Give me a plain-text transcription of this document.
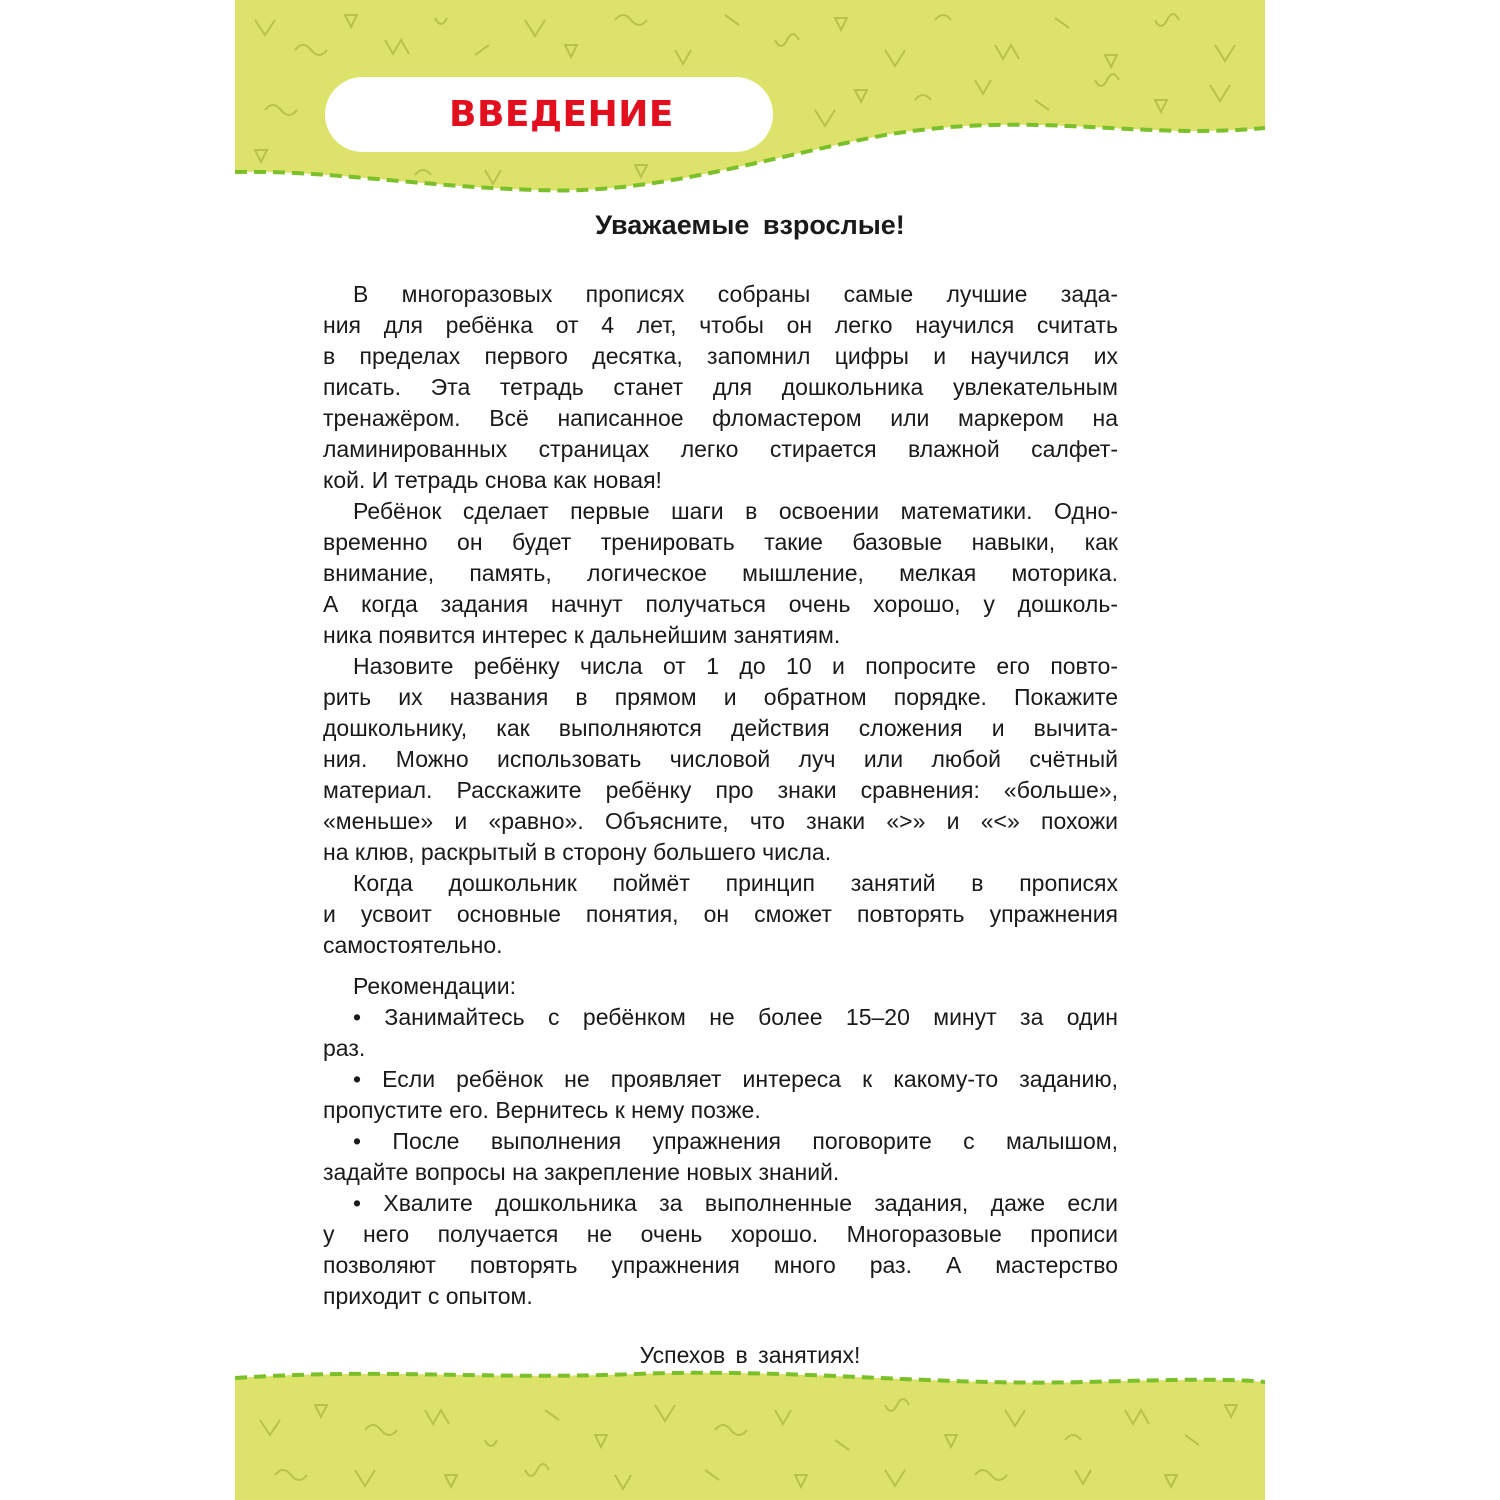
ВВЕДЕНИЕ
Уважаемые взрослые!
В многоразовых прописях собраны самые лучшие зада-
ния для ребёнка от 4 лет, чтобы он легко научился считать
в пределах первого десятка, запомнил цифры и научился их
писать. Эта тетрадь станет для дошкольника увлекательным
тренажёром. Всё написанное фломастером или маркером на
ламинированных страницах легко стирается влажной салфет-
кой. И тетрадь снова как новая!
Ребёнок сделает первые шаги в освоении математики. Одно-
временно он будет тренировать такие базовые навыки, как
внимание, память, логическое мышление, мелкая моторика.
А когда задания начнут получаться очень хорошо, у дошколь-
ника появится интерес к дальнейшим занятиям.
Назовите ребёнку числа от 1 до 10 и попросите его повто-
рить их названия в прямом и обратном порядке. Покажите
дошкольнику, как выполняются действия сложения и вычита-
ния. Можно использовать числовой луч или любой счётный
материал. Расскажите ребёнку про знаки сравнения: «больше»,
«меньше» и «равно». Объясните, что знаки «>» и «<» похожи
на клюв, раскрытый в сторону большего числа.
Когда дошкольник поймёт принцип занятий в прописях
и усвоит основные понятия, он сможет повторять упражнения
самостоятельно.
Рекомендации:
• Занимайтесь с ребёнком не более 15–20 минут за один
раз.
• Если ребёнок не проявляет интереса к какому-то заданию,
пропустите его. Вернитесь к нему позже.
• После выполнения упражнения поговорите с малышом,
задайте вопросы на закрепление новых знаний.
• Хвалите дошкольника за выполненные задания, даже если
у него получается не очень хорошо. Многоразовые прописи
позволяют повторять упражнения много раз. А мастерство
приходит с опытом.
Успехов в занятиях!
